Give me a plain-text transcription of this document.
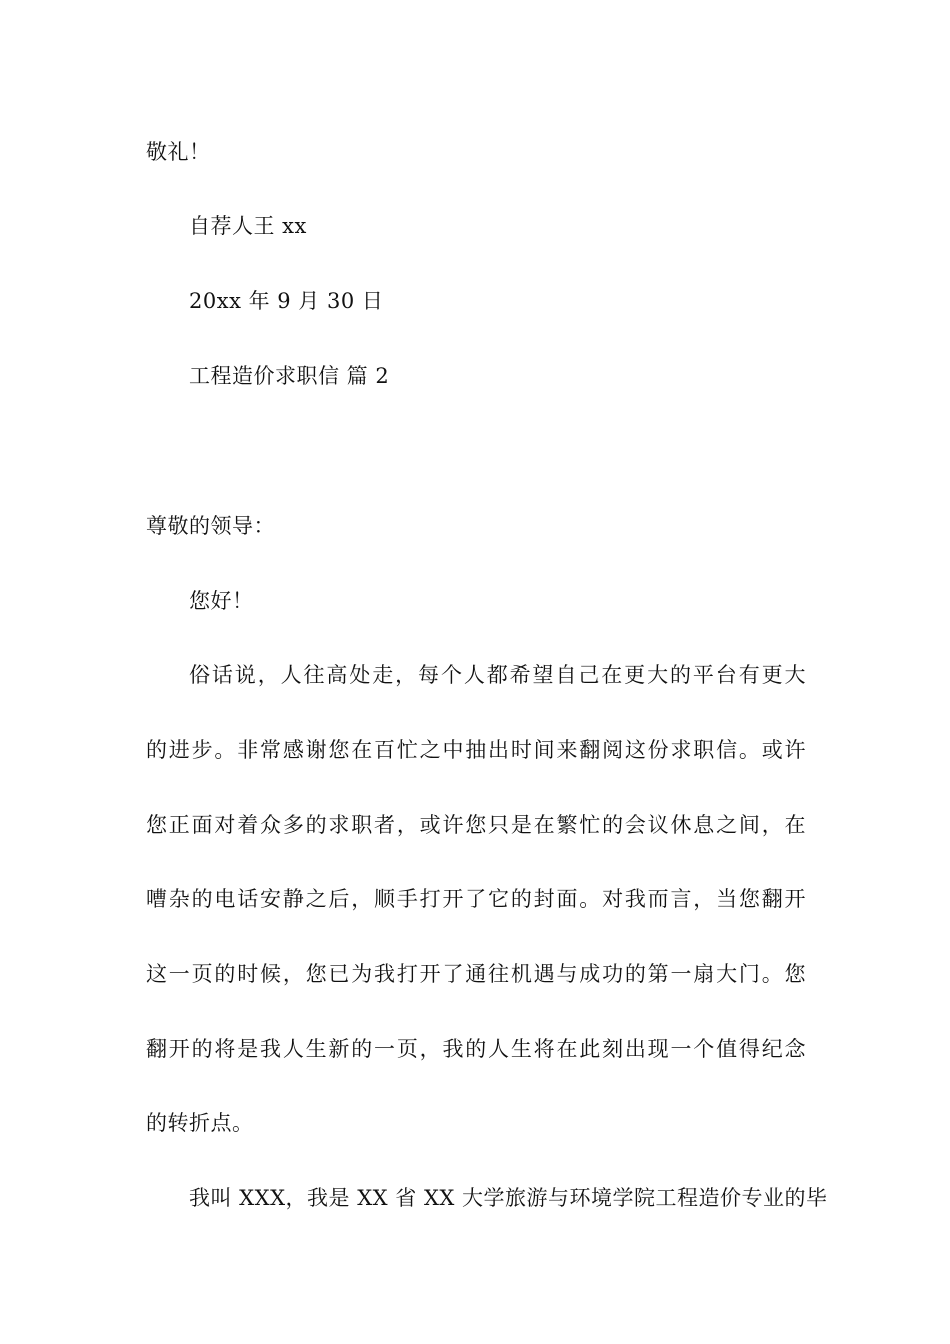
敬礼！
自荐人王 xx
20xx 年 9 月 30 日
工程造价求职信 篇 2
尊敬的领导：
您好！
俗话说，人往高处走，每个人都希望自己在更大的平台有更大
的进步。非常感谢您在百忙之中抽出时间来翻阅这份求职信。或许
您正面对着众多的求职者，或许您只是在繁忙的会议休息之间，在
嘈杂的电话安静之后，顺手打开了它的封面。对我而言，当您翻开
这一页的时候，您已为我打开了通往机遇与成功的第一扇大门。您
翻开的将是我人生新的一页，我的人生将在此刻出现一个值得纪念
的转折点。
我叫 XXX，我是 XX 省 XX 大学旅游与环境学院工程造价专业的毕
